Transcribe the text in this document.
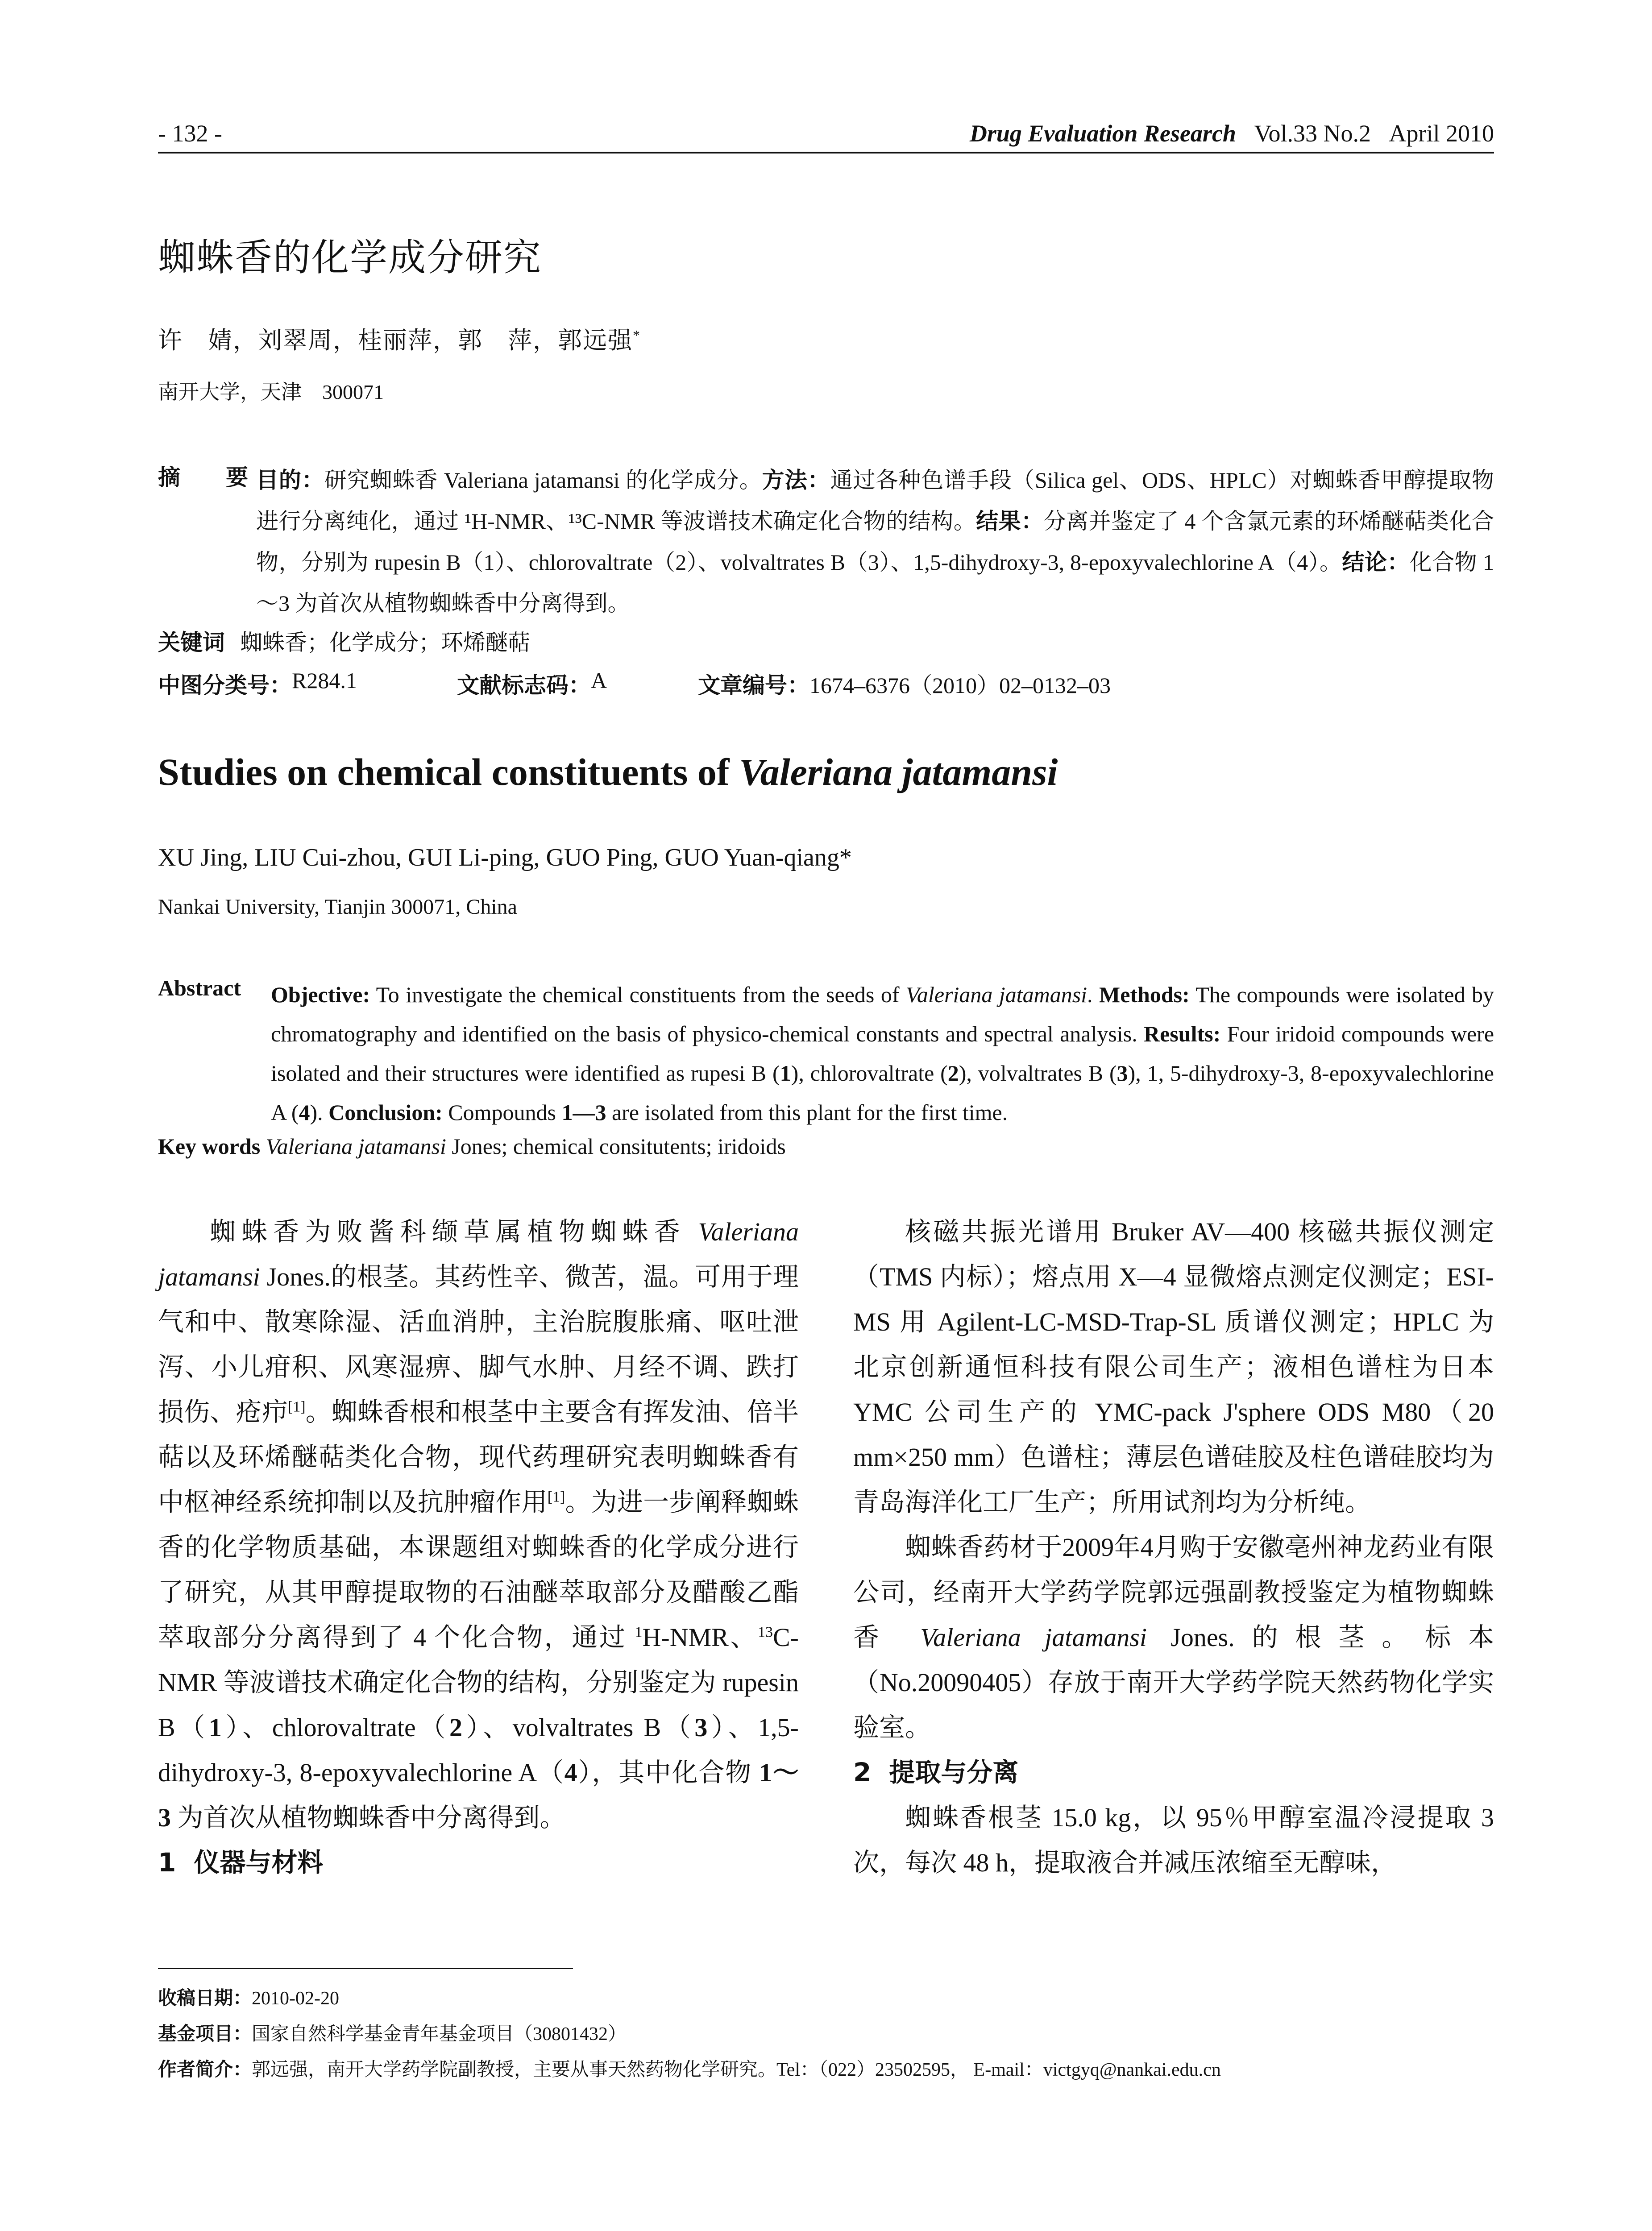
- 132 -	Drug Evaluation Research Vol.33 No.2 April 2010
蜘蛛香的化学成分研究
许　婧，刘翠周，桂丽萍，郭　萍，郭远强*
南开大学，天津　300071
摘　要
目的：研究蜘蛛香 Valeriana jatamansi 的化学成分。方法：通过各种色谱手段（Silica gel、ODS、HPLC）对蜘蛛香甲醇提取物进行分离纯化，通过 ¹H-NMR、¹³C-NMR 等波谱技术确定化合物的结构。结果：分离并鉴定了 4 个含氯元素的环烯醚萜类化合物，分别为 rupesin B（1）、chlorovaltrate（2）、volvaltrates B（3）、1,5-dihydroxy-3, 8-epoxyvalechlorine A（4）。结论：化合物 1～3 为首次从植物蜘蛛香中分离得到。
关键词 蜘蛛香；化学成分；环烯醚萜
中图分类号： R284.1	文献标志码： A	文章编号： 1674–6376（2010）02–0132–03
Studies on chemical constituents of Valeriana jatamansi
XU Jing, LIU Cui-zhou, GUI Li-ping, GUO Ping, GUO Yuan-qiang*
Nankai University, Tianjin 300071, China
Abstract Objective: To investigate the chemical constituents from the seeds of Valeriana jatamansi. Methods: The compounds were isolated by chromatography and identified on the basis of physico-chemical constants and spectral analysis. Results: Four iridoid compounds were isolated and their structures were identified as rupesi B (1), chlorovaltrate (2), volvaltrates B (3), 1, 5-dihydroxy-3, 8-epoxyvalechlorine A (4). Conclusion: Compounds 1—3 are isolated from this plant for the first time.
Key words Valeriana jatamansi Jones; chemical consitutents; iridoids

蜘蛛香为败酱科缬草属植物蜘蛛香 Valeriana jatamansi Jones.的根茎。其药性辛、微苦，温。可用于理气和中、散寒除湿、活血消肿，主治脘腹胀痛、呕吐泄泻、小儿疳积、风寒湿痹、脚气水肿、月经不调、跌打损伤、疮疖[1]。蜘蛛香根和根茎中主要含有挥发油、倍半萜以及环烯醚萜类化合物，现代药理研究表明蜘蛛香有中枢神经系统抑制以及抗肿瘤作用[1]。为进一步阐释蜘蛛香的化学物质基础，本课题组对蜘蛛香的化学成分进行了研究，从其甲醇提取物的石油醚萃取部分及醋酸乙酯萃取部分分离得到了 4 个化合物，通过 $^1$H-NMR、$^{13}$C-NMR 等波谱技术确定化合物的结构，分别鉴定为 rupesin B（1）、chlorovaltrate（2）、volvaltrates B（3）、1,5-dihydroxy-3, 8-epoxyvalechlorine A（4），其中化合物 1～3 为首次从植物蜘蛛香中分离得到。

1 仪器与材料

核磁共振光谱用 Bruker AV—400 核磁共振仪测定（TMS 内标）；熔点用 X—4 显微熔点测定仪测定；ESI-MS 用 Agilent-LC-MSD-Trap-SL 质谱仪测定；HPLC 为北京创新通恒科技有限公司生产；液相色谱柱为日本 YMC 公司生产的 YMC-pack J'sphere ODS M80（20 mm×250 mm）色谱柱；薄层色谱硅胶及柱色谱硅胶均为青岛海洋化工厂生产；所用试剂均为分析纯。

蜘蛛香药材于2009年4月购于安徽亳州神龙药业有限公司，经南开大学药学院郭远强副教授鉴定为植物蜘蛛香 Valeriana jatamansi Jones.的根茎。标本（No.20090405）存放于南开大学药学院天然药物化学实验室。

2 提取与分离

蜘蛛香根茎 15.0 kg，以 95％甲醇室温冷浸提取 3 次，每次 48 h，提取液合并减压浓缩至无醇味，

收稿日期：2010-02-20
基金项目：国家自然科学基金青年基金项目（30801432）
作者简介：郭远强，南开大学药学院副教授，主要从事天然药物化学研究。Tel：（022）23502595， E-mail：victgyq@nankai.edu.cn
